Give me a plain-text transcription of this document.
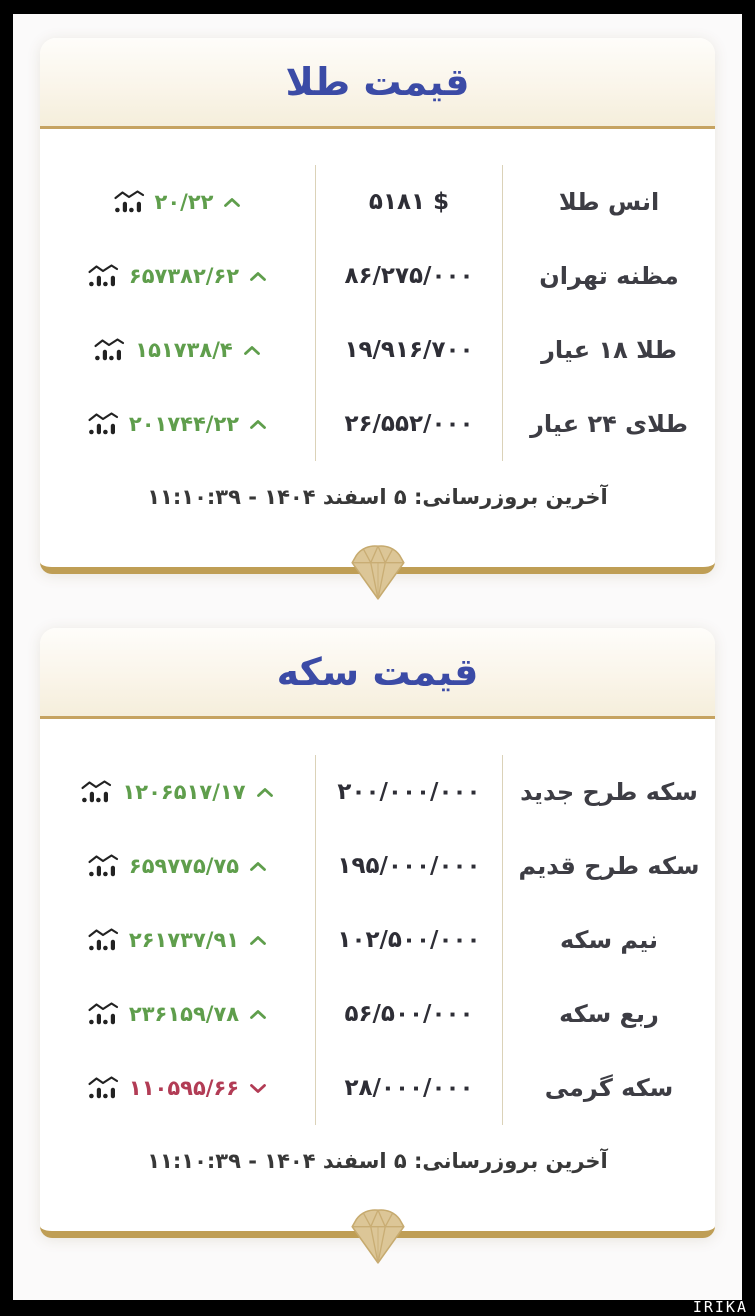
قیمت طلا
انس طلا
۵۱۸۱ $
۲۰/۲۲
مظنه تهران
۸۶/۲۷۵/۰۰۰
۶۵۷۳۸۲/۶۲
طلا ۱۸ عیار
۱۹/۹۱۶/۷۰۰
۱۵۱۷۳۸/۴
طلای ۲۴ عیار
۲۶/۵۵۲/۰۰۰
۲۰۱۷۴۴/۲۲

آخرین بروزرسانی: ۵ اسفند ۱۴۰۴ - ۱۱:۱۰:۳۹

قیمت سکه
سکه طرح جدید
۲۰۰/۰۰۰/۰۰۰
۱۲۰۶۵۱۷/۱۷
سکه طرح قدیم
۱۹۵/۰۰۰/۰۰۰
۶۵۹۷۷۵/۷۵
نیم سکه
۱۰۲/۵۰۰/۰۰۰
۲۶۱۷۳۷/۹۱
ربع سکه
۵۶/۵۰۰/۰۰۰
۲۳۶۱۵۹/۷۸
سکه گرمی
۲۸/۰۰۰/۰۰۰
۱۱۰۵۹۵/۶۶

آخرین بروزرسانی: ۵ اسفند ۱۴۰۴ - ۱۱:۱۰:۳۹

IRIKA
